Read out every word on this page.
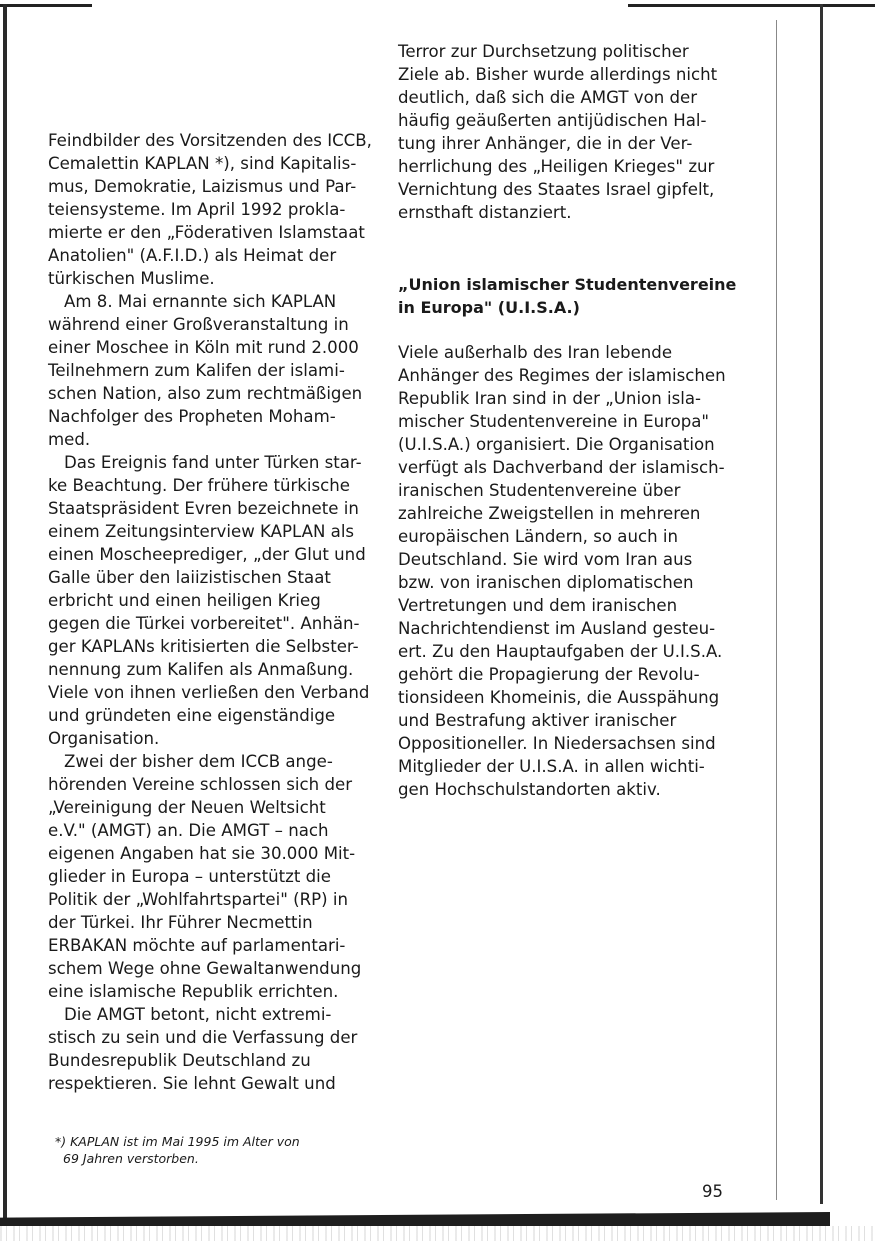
Feindbilder des Vorsitzenden des ICCB,
Cemalettin KAPLAN *), sind Kapitalis-
mus, Demokratie, Laizismus und Par-
teiensysteme. Im April 1992 prokla-
mierte er den „Föderativen Islamstaat
Anatolien" (A.F.I.D.) als Heimat der
türkischen Muslime.
Am 8. Mai ernannte sich KAPLAN
während einer Großveranstaltung in
einer Moschee in Köln mit rund 2.000
Teilnehmern zum Kalifen der islami-
schen Nation, also zum rechtmäßigen
Nachfolger des Propheten Moham-
med.
Das Ereignis fand unter Türken star-
ke Beachtung. Der frühere türkische
Staatspräsident Evren bezeichnete in
einem Zeitungsinterview KAPLAN als
einen Moscheeprediger, „der Glut und
Galle über den laiizistischen Staat
erbricht und einen heiligen Krieg
gegen die Türkei vorbereitet". Anhän-
ger KAPLANs kritisierten die Selbster-
nennung zum Kalifen als Anmaßung.
Viele von ihnen verließen den Verband
und gründeten eine eigenständige
Organisation.
Zwei der bisher dem ICCB ange-
hörenden Vereine schlossen sich der
„Vereinigung der Neuen Weltsicht
e.V." (AMGT) an. Die AMGT – nach
eigenen Angaben hat sie 30.000 Mit-
glieder in Europa – unterstützt die
Politik der „Wohlfahrtspartei" (RP) in
der Türkei. Ihr Führer Necmettin
ERBAKAN möchte auf parlamentari-
schem Wege ohne Gewaltanwendung
eine islamische Republik errichten.
Die AMGT betont, nicht extremi-
stisch zu sein und die Verfassung der
Bundesrepublik Deutschland zu
respektieren. Sie lehnt Gewalt und
Terror zur Durchsetzung politischer
Ziele ab. Bisher wurde allerdings nicht
deutlich, daß sich die AMGT von der
häufig geäußerten antijüdischen Hal-
tung ihrer Anhänger, die in der Ver-
herrlichung des „Heiligen Krieges" zur
Vernichtung des Staates Israel gipfelt,
ernsthaft distanziert.
„Union islamischer Studentenvereine
in Europa" (U.I.S.A.)
Viele außerhalb des Iran lebende
Anhänger des Regimes der islamischen
Republik Iran sind in der „Union isla-
mischer Studentenvereine in Europa"
(U.I.S.A.) organisiert. Die Organisation
verfügt als Dachverband der islamisch-
iranischen Studentenvereine über
zahlreiche Zweigstellen in mehreren
europäischen Ländern, so auch in
Deutschland. Sie wird vom Iran aus
bzw. von iranischen diplomatischen
Vertretungen und dem iranischen
Nachrichtendienst im Ausland gesteu-
ert. Zu den Hauptaufgaben der U.I.S.A.
gehört die Propagierung der Revolu-
tionsideen Khomeinis, die Ausspähung
und Bestrafung aktiver iranischer
Oppositioneller. In Niedersachsen sind
Mitglieder der U.I.S.A. in allen wichti-
gen Hochschulstandorten aktiv.
*) KAPLAN ist im Mai 1995 im Alter von
69 Jahren verstorben.
95
